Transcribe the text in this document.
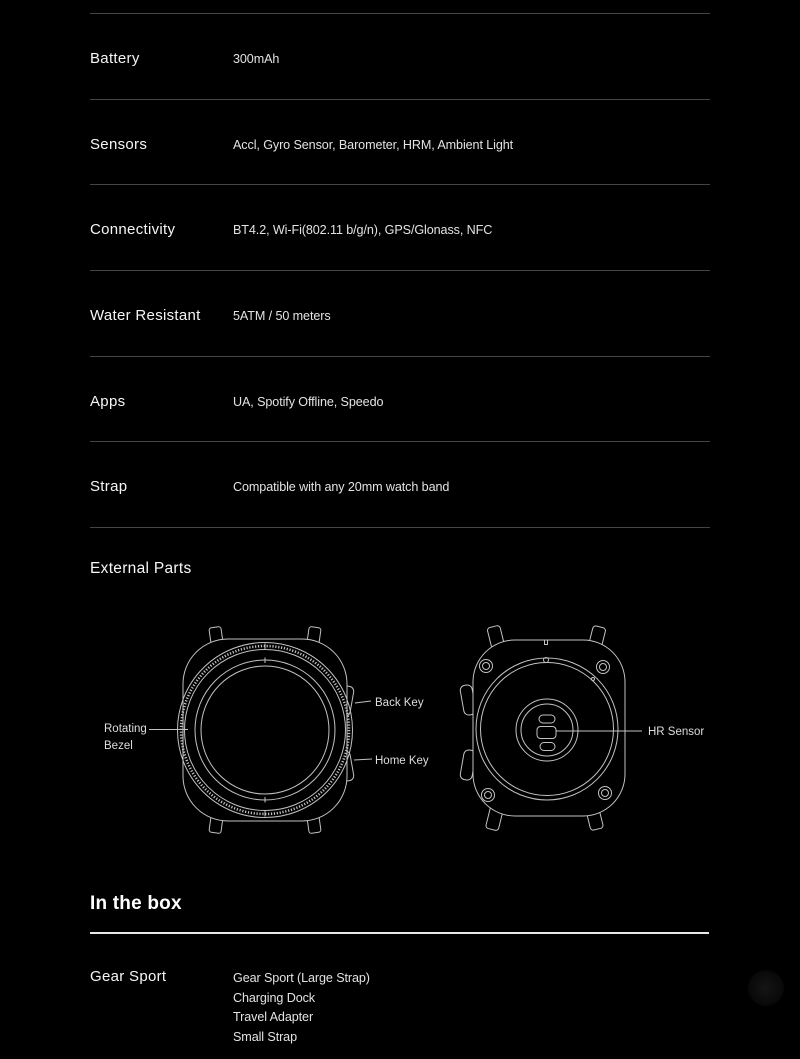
Battery	300mAh
Sensors	Accl, Gyro Sensor, Barometer, HRM, Ambient Light
Connectivity	BT4.2, Wi-Fi(802.11 b/g/n), GPS/Glonass, NFC
Water Resistant	5ATM / 50 meters
Apps	UA, Spotify Offline, Speedo
Strap	Compatible with any 20mm watch band
External Parts
Rotating Bezel
Back Key
Home Key
HR Sensor
In the box
Gear Sport	Gear Sport (Large Strap)
Charging Dock
Travel Adapter
Small Strap
